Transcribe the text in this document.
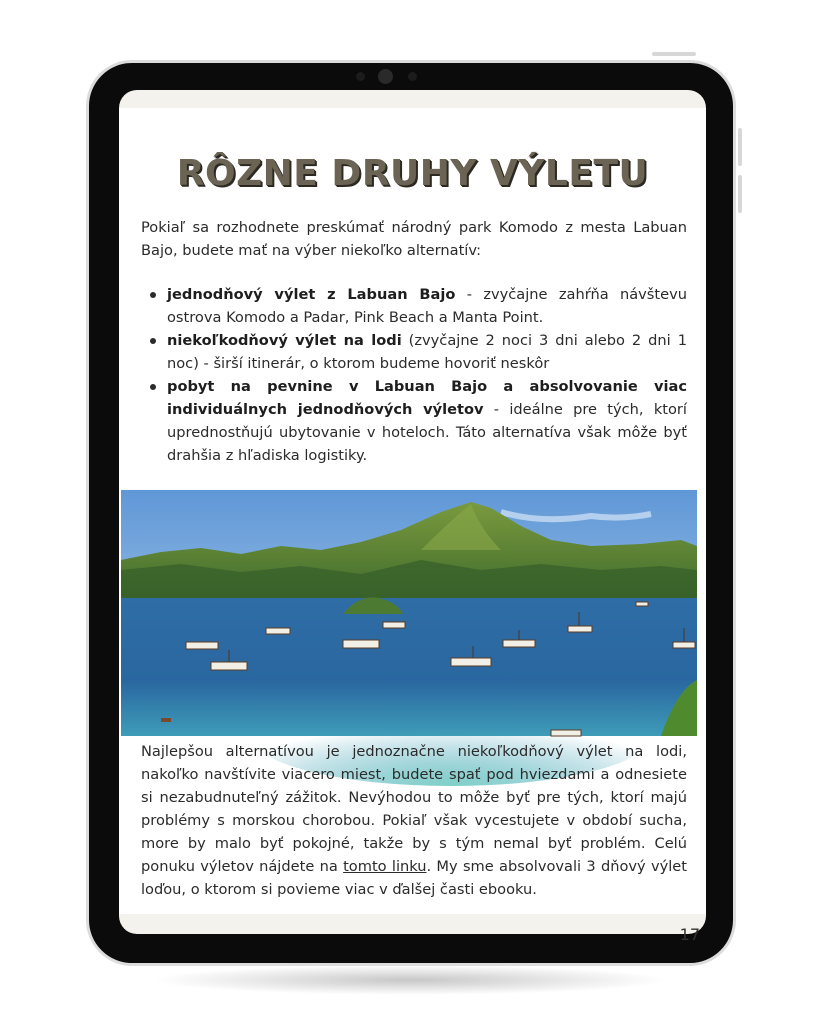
RÔZNE DRUHY VÝLETU

Pokiaľ sa rozhodnete preskúmať národný park Komodo z mesta Labuan Bajo, budete mať na výber niekoľko alternatív:

jednodňový výlet z Labuan Bajo - zvyčajne zahŕňa návštevu ostrova Komodo a Padar, Pink Beach a Manta Point.
niekoľkodňový výlet na lodi (zvyčajne 2 noci 3 dni alebo 2 dni 1 noc) - širší itinerár, o ktorom budeme hovoriť neskôr
pobyt na pevnine v Labuan Bajo a absolvovanie viac individuálnych jednodňových výletov - ideálne pre tých, ktorí uprednostňujú ubytovanie v hoteloch. Táto alternatíva však môže byť drahšia z hľadiska logistiky.

Najlepšou alternatívou je jednoznačne niekoľkodňový výlet na lodi, nakoľko navštívite viacero miest, budete spať pod hviezdami a odnesiete si nezabudnuteľný zážitok. Nevýhodou to môže byť pre tých, ktorí majú problémy s morskou chorobou. Pokiaľ však vycestujete v období sucha, more by malo byť pokojné, takže by s tým nemal byť problém. Celú ponuku výletov nájdete na tomto linku. My sme absolvovali 3 dňový výlet loďou, o ktorom si povieme viac v ďalšej časti ebooku.

17
